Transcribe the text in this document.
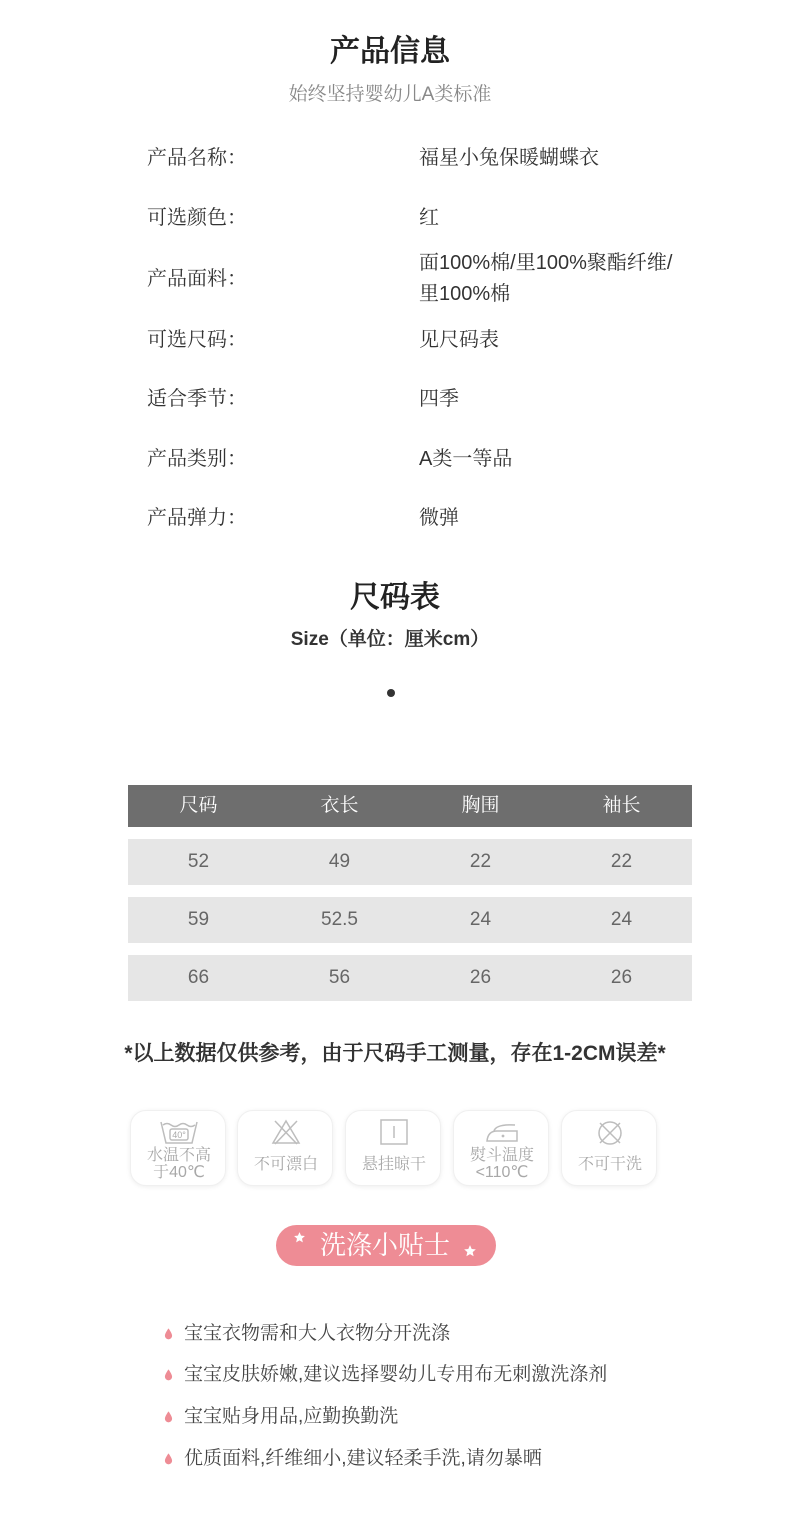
产品信息
始终坚持婴幼儿A类标准
产品名称：	福星小兔保暖蝴蝶衣
可选颜色：	红
产品面料：
面100%棉/里100%聚酯纤维/
里100%棉
可选尺码：	见尺码表
适合季节：	四季
产品类别：	A类一等品
产品弹力：	微弹
尺码表
Size（单位：厘米cm）
尺码	衣长	胸围	袖长
52	49	22	22
59	52.5	24	24
66	56	26	26
*以上数据仅供参考，由于尺码手工测量，存在1-2CM误差*
40°
水温不高
于40℃	不可漂白	悬挂晾干	熨斗温度
<110℃	不可干洗
洗涤小贴士
宝宝衣物需和大人衣物分开洗涤
宝宝皮肤娇嫩,建议选择婴幼儿专用布无刺激洗涤剂
宝宝贴身用品,应勤换勤洗
优质面料,纤维细小,建议轻柔手洗,请勿暴晒
